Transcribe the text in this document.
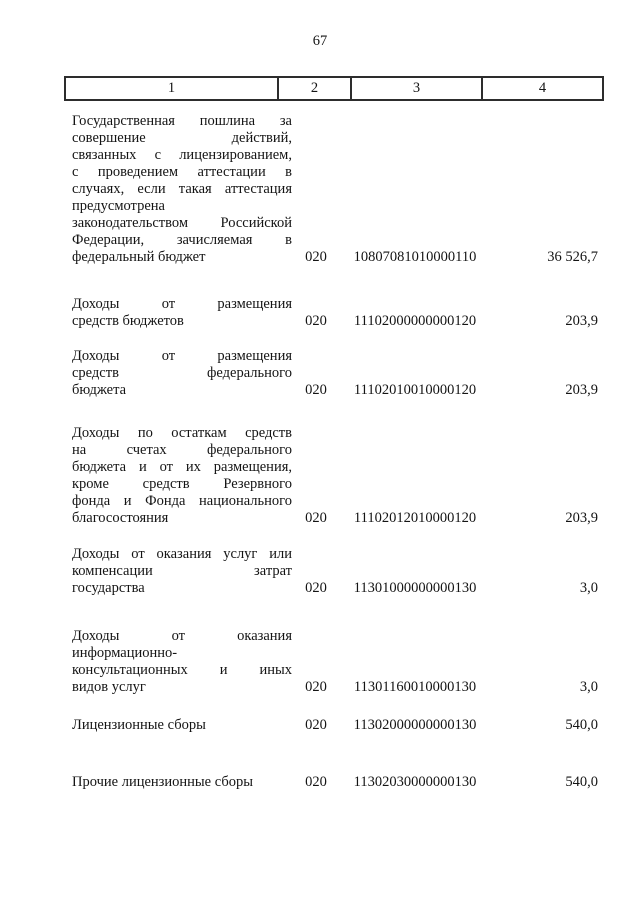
67
1	2	3	4
Государственная пошлина за
совершение действий,
связанных с лицензированием,
с проведением аттестации в
случаях, если такая аттестация
предусмотрена
законодательством Российской
Федерации, зачисляемая в
федеральный бюджет	020	10807081010000110	36 526,7
Доходы от размещения
средств бюджетов	020	11102000000000120	203,9
Доходы от размещения
средств федерального
бюджета	020	11102010010000120	203,9
Доходы по остаткам средств
на счетах федерального
бюджета и от их размещения,
кроме средств Резервного
фонда и Фонда национального
благосостояния	020	11102012010000120	203,9
Доходы от оказания услуг или
компенсации затрат
государства	020	11301000000000130	3,0
Доходы от оказания
информационно-
консультационных и иных
видов услуг	020	11301160010000130	3,0
Лицензионные сборы	020	11302000000000130	540,0
Прочие лицензионные сборы	020	11302030000000130	540,0
